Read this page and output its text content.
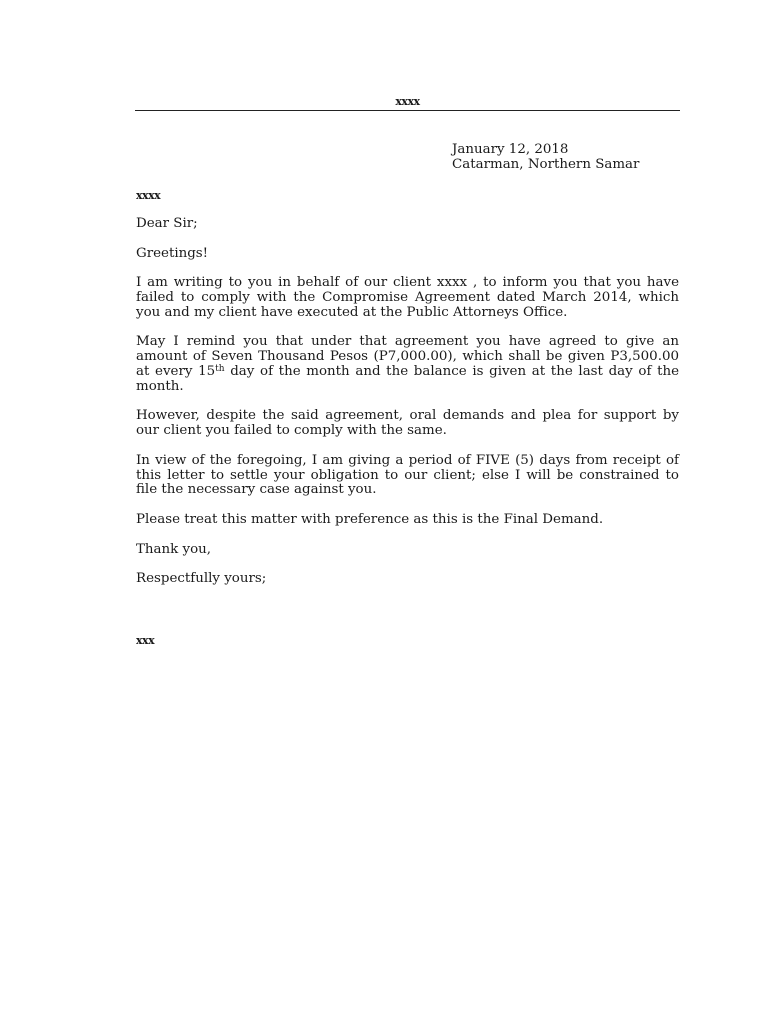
xxxx
January 12, 2018
Catarman, Northern Samar
xxxx

Dear Sir;

Greetings!

I am writing to you in behalf of our client xxxx , to inform you that you have failed to comply with the Compromise Agreement dated March 2014, which you and my client have executed at the Public Attorneys Office.

May I remind you that under that agreement you have agreed to give an amount of Seven Thousand Pesos (P7,000.00), which shall be given P3,500.00 at every 15th day of the month and the balance is given at the last day of the month.

However, despite the said agreement, oral demands and plea for support by our client you failed to comply with the same.

In view of the foregoing, I am giving a period of FIVE (5) days from receipt of this letter to settle your obligation to our client; else I will be constrained to file the necessary case against you.

Please treat this matter with preference as this is the Final Demand.

Thank you,

Respectfully yours;

xxx
